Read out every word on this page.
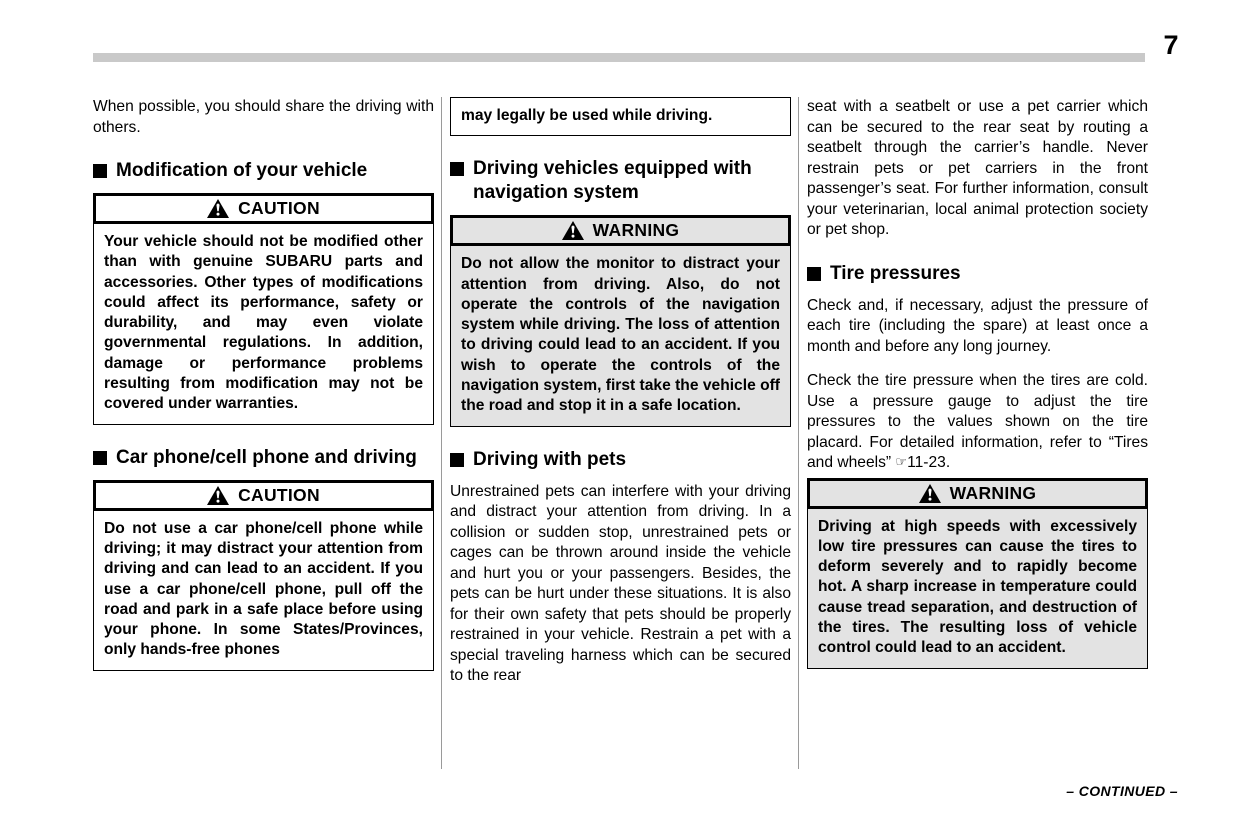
7

When possible, you should share the driving with others.

Modification of your vehicle
CAUTION
Your vehicle should not be modified other than with genuine SUBARU parts and accessories. Other types of modifications could affect its performance, safety or durability, and may even violate governmental regulations. In addition, damage or performance problems resulting from modification may not be covered under warranties.
Car phone/cell phone and driving
CAUTION
Do not use a car phone/cell phone while driving; it may distract your attention from driving and can lead to an accident. If you use a car phone/cell phone, pull off the road and park in a safe place before using your phone. In some States/Provinces, only hands-free phones
may legally be used while driving.
Driving vehicles equipped with navigation system
WARNING
Do not allow the monitor to distract your attention from driving. Also, do not operate the controls of the navigation system while driving. The loss of attention to driving could lead to an accident. If you wish to operate the controls of the navigation system, first take the vehicle off the road and stop it in a safe location.
Driving with pets

Unrestrained pets can interfere with your driving and distract your attention from driving. In a collision or sudden stop, unrestrained pets or cages can be thrown around inside the vehicle and hurt you or your passengers. Besides, the pets can be hurt under these situations. It is also for their own safety that pets should be properly restrained in your vehicle. Restrain a pet with a special traveling harness which can be secured to the rear

seat with a seatbelt or use a pet carrier which can be secured to the rear seat by routing a seatbelt through the carrier’s handle. Never restrain pets or pet carriers in the front passenger’s seat. For further information, consult your veterinarian, local animal protection society or pet shop.

Tire pressures

Check and, if necessary, adjust the pressure of each tire (including the spare) at least once a month and before any long journey.

Check the tire pressure when the tires are cold. Use a pressure gauge to adjust the tire pressures to the values shown on the tire placard. For detailed information, refer to “Tires and wheels” ☞11-23.

WARNING
Driving at high speeds with excessively low tire pressures can cause the tires to deform severely and to rapidly become hot. A sharp increase in temperature could cause tread separation, and destruction of the tires. The resulting loss of vehicle control could lead to an accident.
– CONTINUED –
